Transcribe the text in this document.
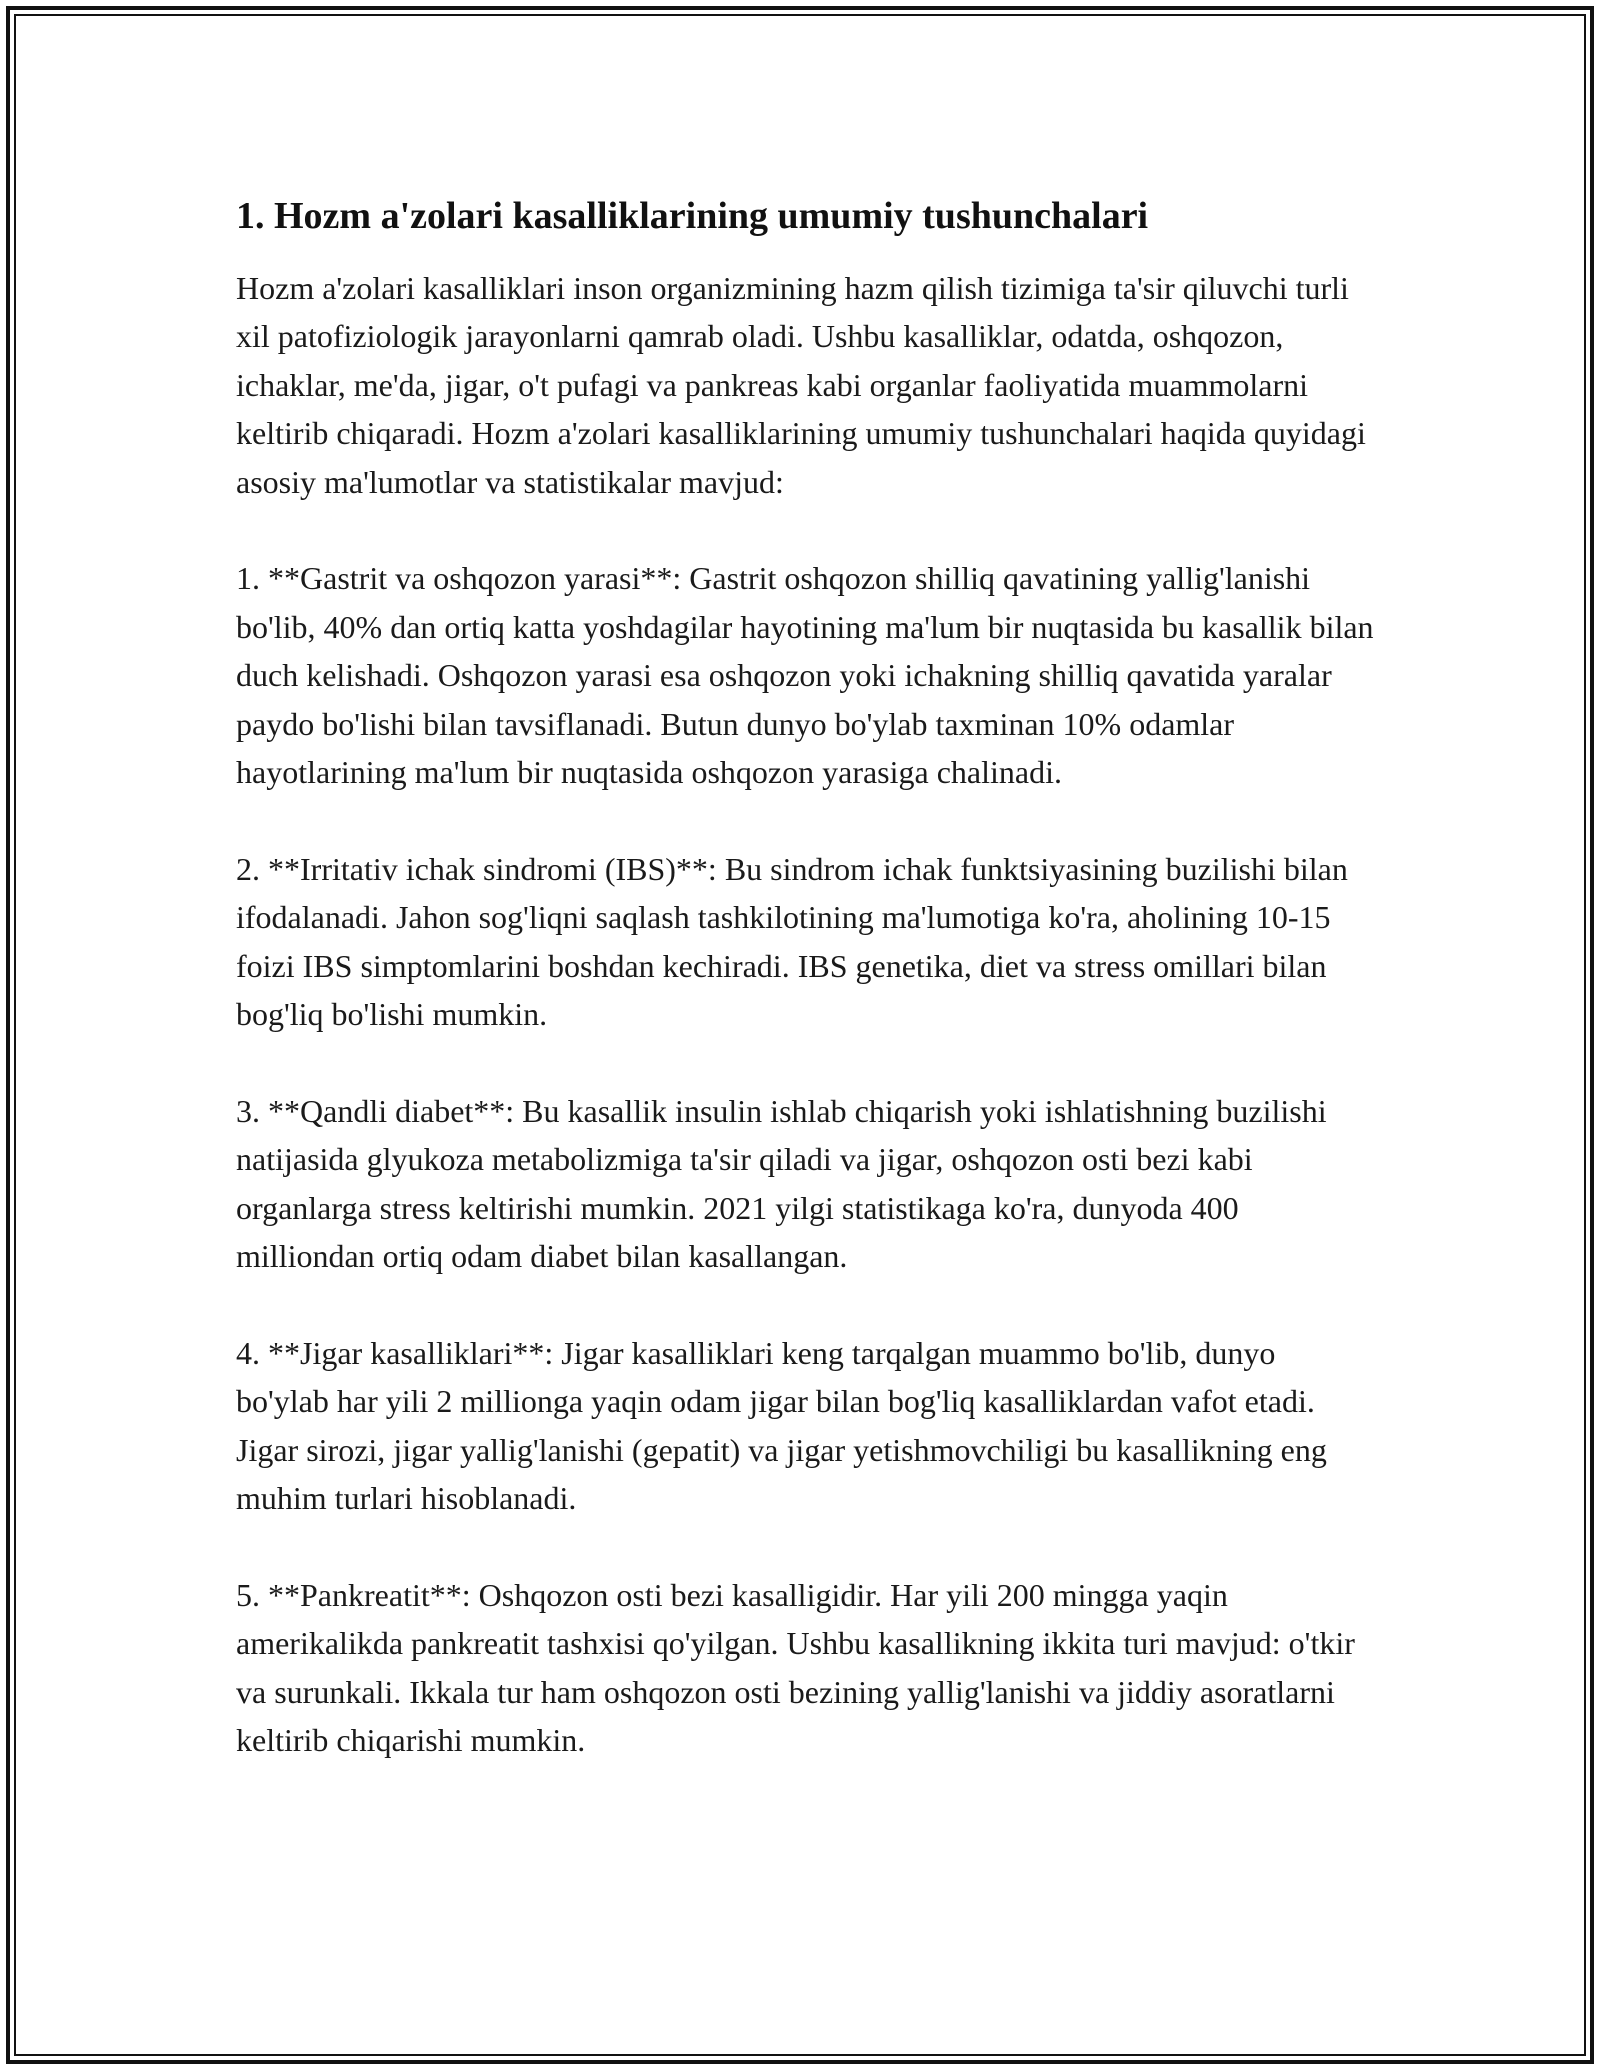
1. Hozm a'zolari kasalliklarining umumiy tushunchalari

Hozm a'zolari kasalliklari inson organizmining hazm qilish tizimiga ta'sir qiluvchi turli xil patofiziologik jarayonlarni qamrab oladi. Ushbu kasalliklar, odatda, oshqozon, ichaklar, me'da, jigar, o't pufagi va pankreas kabi organlar faoliyatida muammolarni keltirib chiqaradi. Hozm a'zolari kasalliklarining umumiy tushunchalari haqida quyidagi asosiy ma'lumotlar va statistikalar mavjud:

1. **Gastrit va oshqozon yarasi**: Gastrit oshqozon shilliq qavatining yallig'lanishi bo'lib, 40% dan ortiq katta yoshdagilar hayotining ma'lum bir nuqtasida bu kasallik bilan duch kelishadi. Oshqozon yarasi esa oshqozon yoki ichakning shilliq qavatida yaralar paydo bo'lishi bilan tavsiflanadi. Butun dunyo bo'ylab taxminan 10% odamlar hayotlarining ma'lum bir nuqtasida oshqozon yarasiga chalinadi.

2. **Irritativ ichak sindromi (IBS)**: Bu sindrom ichak funktsiyasining buzilishi bilan ifodalanadi. Jahon sog'liqni saqlash tashkilotining ma'lumotiga ko'ra, aholining 10-15 foizi IBS simptomlarini boshdan kechiradi. IBS genetika, diet va stress omillari bilan bog'liq bo'lishi mumkin.

3. **Qandli diabet**: Bu kasallik insulin ishlab chiqarish yoki ishlatishning buzilishi natijasida glyukoza metabolizmiga ta'sir qiladi va jigar, oshqozon osti bezi kabi organlarga stress keltirishi mumkin. 2021 yilgi statistikaga ko'ra, dunyoda 400 milliondan ortiq odam diabet bilan kasallangan.

4. **Jigar kasalliklari**: Jigar kasalliklari keng tarqalgan muammo bo'lib, dunyo bo'ylab har yili 2 millionga yaqin odam jigar bilan bog'liq kasalliklardan vafot etadi. Jigar sirozi, jigar yallig'lanishi (gepatit) va jigar yetishmovchiligi bu kasallikning eng muhim turlari hisoblanadi.

5. **Pankreatit**: Oshqozon osti bezi kasalligidir. Har yili 200 mingga yaqin amerikalikda pankreatit tashxisi qo'yilgan. Ushbu kasallikning ikkita turi mavjud: o'tkir va surunkali. Ikkala tur ham oshqozon osti bezining yallig'lanishi va jiddiy asoratlarni keltirib chiqarishi mumkin.
